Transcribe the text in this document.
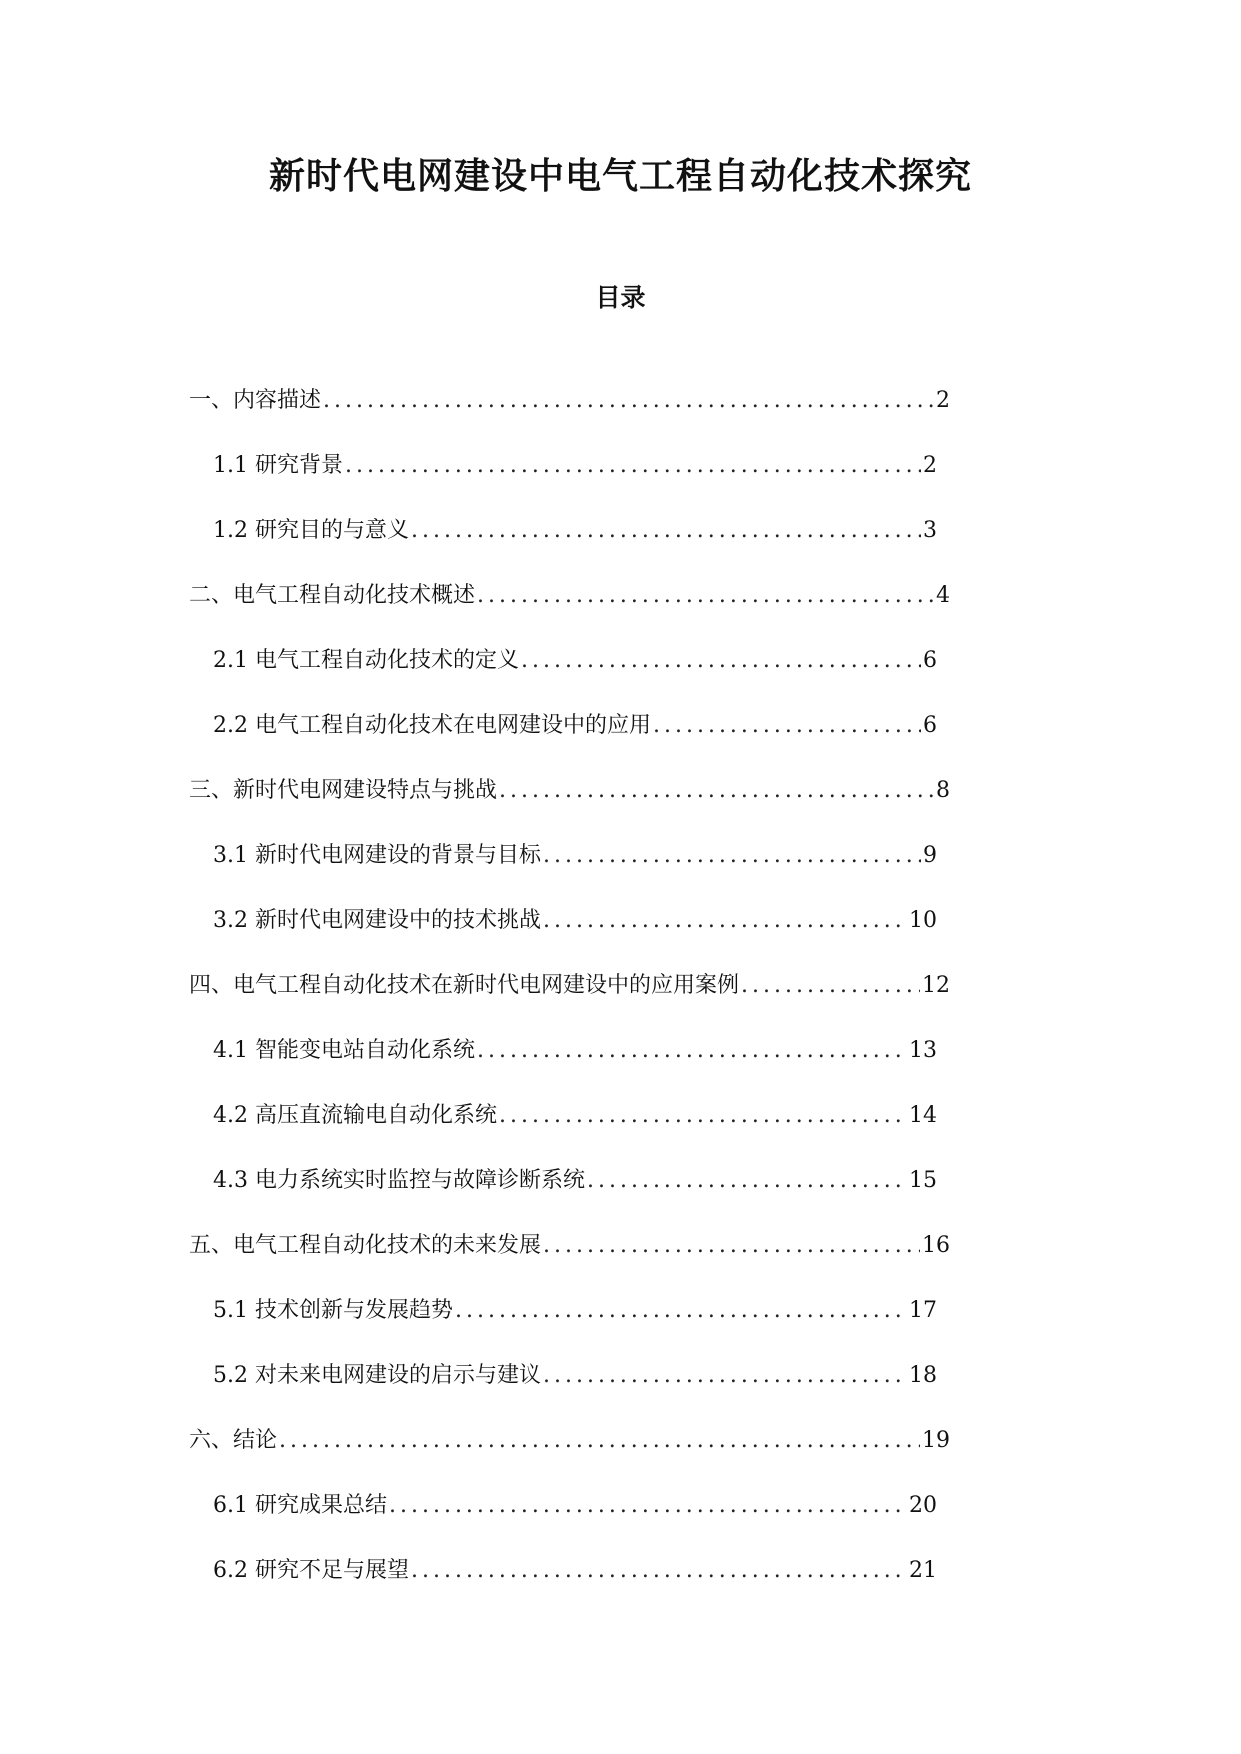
新时代电网建设中电气工程自动化技术探究
目录
一、内容描述 .....	2
1.1 研究背景 .....	2
1.2 研究目的与意义 .....	3
二、电气工程自动化技术概述 .....	4
2.1 电气工程自动化技术的定义 .....	6
2.2 电气工程自动化技术在电网建设中的应用 .....	6
三、新时代电网建设特点与挑战 .....	8
3.1 新时代电网建设的背景与目标 .....	9
3.2 新时代电网建设中的技术挑战 .....	10
四、电气工程自动化技术在新时代电网建设中的应用案例 .....	12
4.1 智能变电站自动化系统 .....	13
4.2 高压直流输电自动化系统 .....	14
4.3 电力系统实时监控与故障诊断系统 .....	15
五、电气工程自动化技术的未来发展 .....	16
5.1 技术创新与发展趋势 .....	17
5.2 对未来电网建设的启示与建议 .....	18
六、结论 .....	19
6.1 研究成果总结 .....	20
6.2 研究不足与展望 .....	21
